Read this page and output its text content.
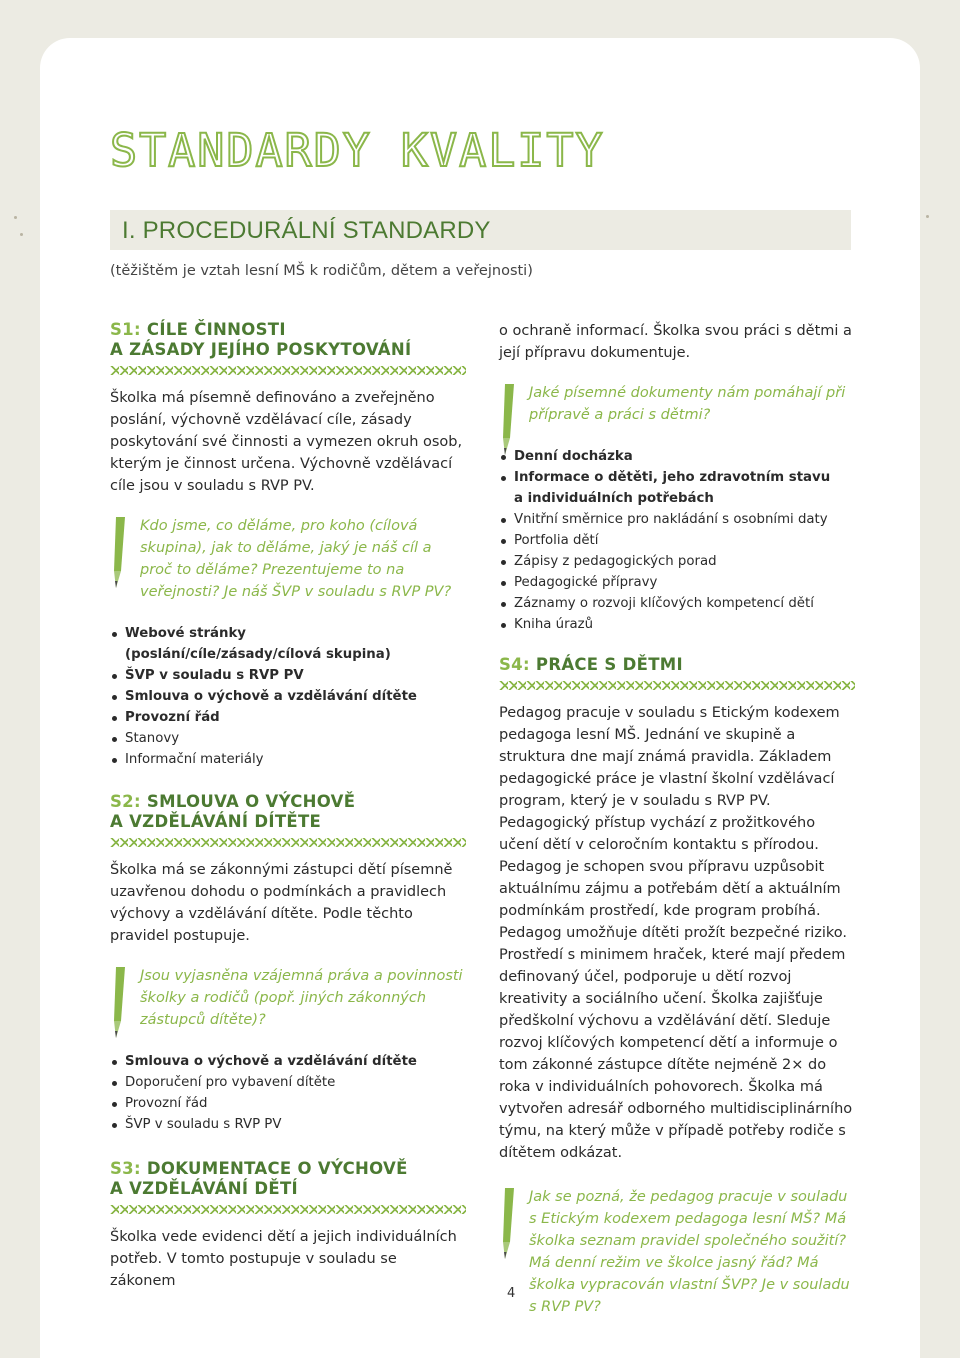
STANDARDY KVALITY
I. PROCEDURÁLNÍ STANDARDY
(těžištěm je vztah lesní MŠ k rodičům, dětem a veřejnosti)
S1: CÍLE ČINNOSTI
A ZÁSADY JEJÍHO POSKYTOVÁNÍ

Školka má písemně definováno a zveřejněno poslání, výchovně vzdělávací cíle, zásady poskytování své činnosti a vymezen okruh osob, kterým je činnost určena. Výchovně vzdělávací cíle jsou v souladu s RVP PV.

Kdo jsme, co děláme, pro koho (cílová skupina), jak to děláme, jaký je náš cíl a proč to děláme? Prezentujeme to na veřejnosti? Je náš ŠVP v souladu s RVP PV?

Webové stránky
(poslání/cíle/zásady/cílová skupina)
ŠVP v souladu s RVP PV
Smlouva o výchově a vzdělávání dítěte
Provozní řád
Stanovy
Informační materiály
S2: SMLOUVA O VÝCHOVĚ
A VZDĚLÁVÁNÍ DÍTĚTE

Školka má se zákonnými zástupci dětí písemně uzavřenou dohodu o podmínkách a pravidlech výchovy a vzdělávání dítěte. Podle těchto pravidel postupuje.

Jsou vyjasněna vzájemná práva a povinnosti školky a rodičů (popř. jiných zákonných zástupců dítěte)?

Smlouva o výchově a vzdělávání dítěte
Doporučení pro vybavení dítěte
Provozní řád
ŠVP v souladu s RVP PV
S3: DOKUMENTACE O VÝCHOVĚ
A VZDĚLÁVÁNÍ DĚTÍ

Školka vede evidenci dětí a jejich individuálních potřeb. V tomto postupuje v souladu se zákonem

o ochraně informací. Školka svou práci s dětmi a její přípravu dokumentuje.

Jaké písemné dokumenty nám pomáhají při přípravě a práci s dětmi?

Denní docházka
Informace o dětěti, jeho zdravotním stavu
a individuálních potřebách
Vnitřní směrnice pro nakládání s osobními daty
Portfolia dětí
Zápisy z pedagogických porad
Pedagogické přípravy
Záznamy o rozvoji klíčových kompetencí dětí
Kniha úrazů
S4: PRÁCE S DĚTMI

Pedagog pracuje v souladu s Etickým kodexem pedagoga lesní MŠ. Jednání ve skupině a struktura dne mají známá pravidla. Základem pedagogické práce je vlastní školní vzdělávací program, který je v souladu s RVP PV. Pedagogický přístup vychází z prožitkového učení dětí v celoročním kontaktu s přírodou. Pedagog je schopen svou přípravu uzpůsobit aktuálnímu zájmu a potřebám dětí a aktuálním podmínkám prostředí, kde program probíhá. Pedagog umožňuje dítěti prožít bezpečné riziko. Prostředí s minimem hraček, které mají předem definovaný účel, podporuje u dětí rozvoj kreativity a sociálního učení. Školka zajišťuje předškolní výchovu a vzdělávání dětí. Sleduje rozvoj klíčových kompetencí dětí a informuje o tom zákonné zástupce dítěte nejméně 2× do roka v individuálních pohovorech. Školka má vytvořen adresář odborného multidisciplinárního týmu, na který může v případě potřeby rodiče s dítětem odkázat.

Jak se pozná, že pedagog pracuje v souladu s Etickým kodexem pedagoga lesní MŠ? Má školka seznam pravidel společného soužití? Má denní režim ve školce jasný řád? Má školka vypracován vlastní ŠVP? Je v souladu s RVP PV?

4
